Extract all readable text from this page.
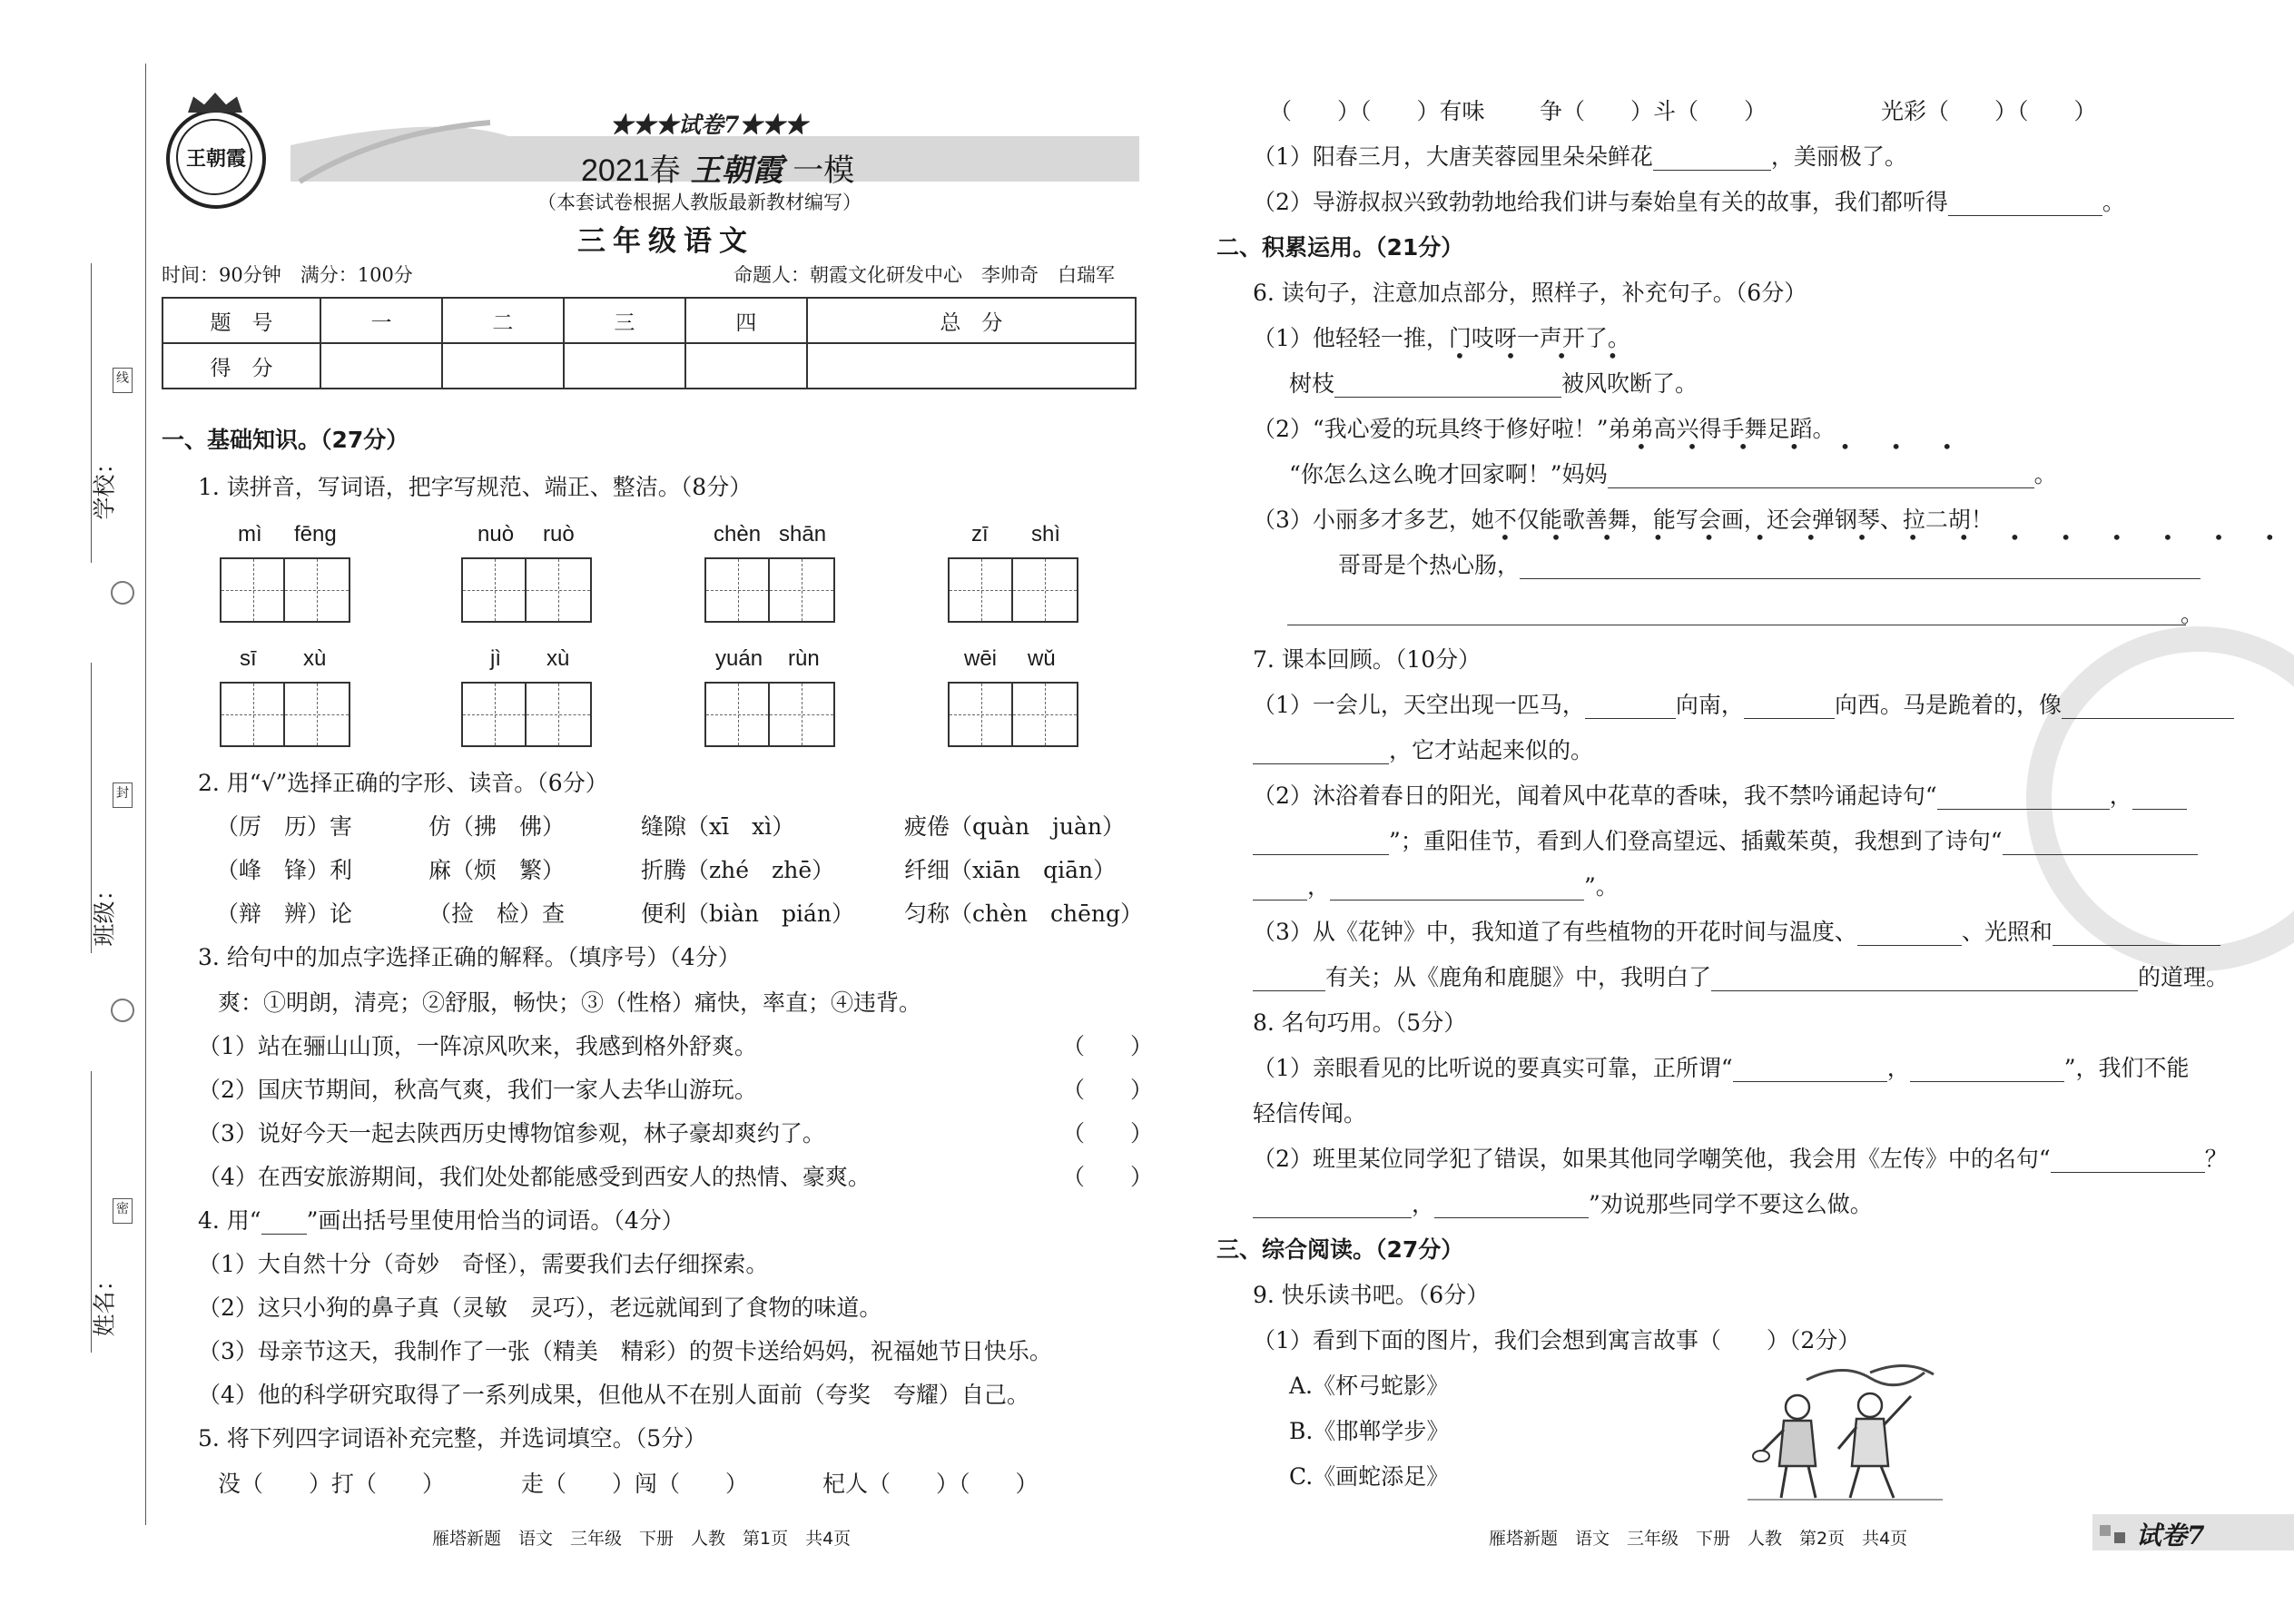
学校：
班级：
姓名：
线
封
密
王朝霞
★★★试卷7★★★
2021春 王朝霞 一模
（本套试卷根据人教版最新教材编写）
三年级语文
时间：90分钟　满分：100分	命题人：朝霞文化研发中心　李帅奇　白瑞军
题　号	一	二	三	四	总　分
得　分					
一、基础知识。（27分）
1. 读拼音，写词语，把字写规范、端正、整洁。（8分）
mì fēng	nuò ruò	chèn shān	zī shì
sī xù	jì xù	yuán rùn	wēi wǔ
2. 用“√”选择正确的字形、读音。（6分）
（厉　历）害	仿（拂　佛）	缝隙（xī　xì）	疲倦（quàn　juàn）
（峰　锋）利	麻（烦　繁）	折腾（zhé　zhē）	纤细（xiān　qiān）
（辩　辨）论	（捡　检）查	便利（biàn　pián） 匀称（chèn　chēng）
3. 给句中的加点字选择正确的解释。（填序号）（4分）
爽：①明朗，清亮；②舒服，畅快；③（性格）痛快，率直；④违背。
（1）站在骊山山顶，一阵凉风吹来，我感到格外舒爽。	（　　）
（2）国庆节期间，秋高气爽，我们一家人去华山游玩。	（　　）
（3）说好今天一起去陕西历史博物馆参观，林子豪却爽约了。	（　　）
（4）在西安旅游期间，我们处处都能感受到西安人的热情、豪爽。	（　　）
4. 用“ ”画出括号里使用恰当的词语。（4分）
（1）大自然十分（奇妙　奇怪），需要我们去仔细探索。
（2）这只小狗的鼻子真（灵敏　灵巧），老远就闻到了食物的味道。
（3）母亲节这天，我制作了一张（精美　精彩）的贺卡送给妈妈，祝福她节日快乐。
（4）他的科学研究取得了一系列成果，但他从不在别人面前（夸奖　夸耀）自己。
5. 将下列四字词语补充完整，并选词填空。（5分）
没（　　）打（　　）	走（　　）闯（　　）	杞人（　　）（　　）
雁塔新题　语文　三年级　下册　人教　第1页　共4页
（　　）（　　）有味 争（　　）斗（　　）	光彩（　　）（　　）
（1）阳春三月，大唐芙蓉园里朵朵鲜花	，美丽极了。
（2）导游叔叔兴致勃勃地给我们讲与秦始皇有关的故事，我们都听得	。
二、积累运用。（21分）
6. 读句子，注意加点部分，照样子，补充句子。（6分）
（1）他轻轻一推，门吱呀一声开了。
• • • •
树枝	被风吹断了。
（2）“我心爱的玩具终于修好啦！”弟弟高兴得手舞足蹈。
• • • • • • •
“你怎么这么晚才回家啊！”妈妈	。
（3）小丽多才多艺，她不仅能歌善舞，能写会画，还会弹钢琴、拉二胡！
• • • • • • • • • • • • • • • •
哥哥是个热心肠，
。
7. 课本回顾。（10分）
（1）一会儿，天空出现一匹马，	向南，	向西。马是跪着的，像
，它才站起来似的。
（2）沐浴着春日的阳光，闻着风中花草的香味，我不禁吟诵起诗句“	，
”；重阳佳节，看到人们登高望远、插戴茱萸，我想到了诗句“
，	”。
（3）从《花钟》中，我知道了有些植物的开花时间与温度、	、光照和
有关；从《鹿角和鹿腿》中，我明白了	的道理。
8. 名句巧用。（5分）
（1）亲眼看见的比听说的要真实可靠，正所谓“	，	”，我们不能
轻信传闻。
（2）班里某位同学犯了错误，如果其他同学嘲笑他，我会用《左传》中的名句“	？
，	”劝说那些同学不要这么做。
三、综合阅读。（27分）
9. 快乐读书吧。（6分）
（1）看到下面的图片，我们会想到寓言故事（　　）（2分）
A.《杯弓蛇影》
B.《邯郸学步》
C.《画蛇添足》
雁塔新题　语文　三年级　下册　人教　第2页　共4页	试卷7
